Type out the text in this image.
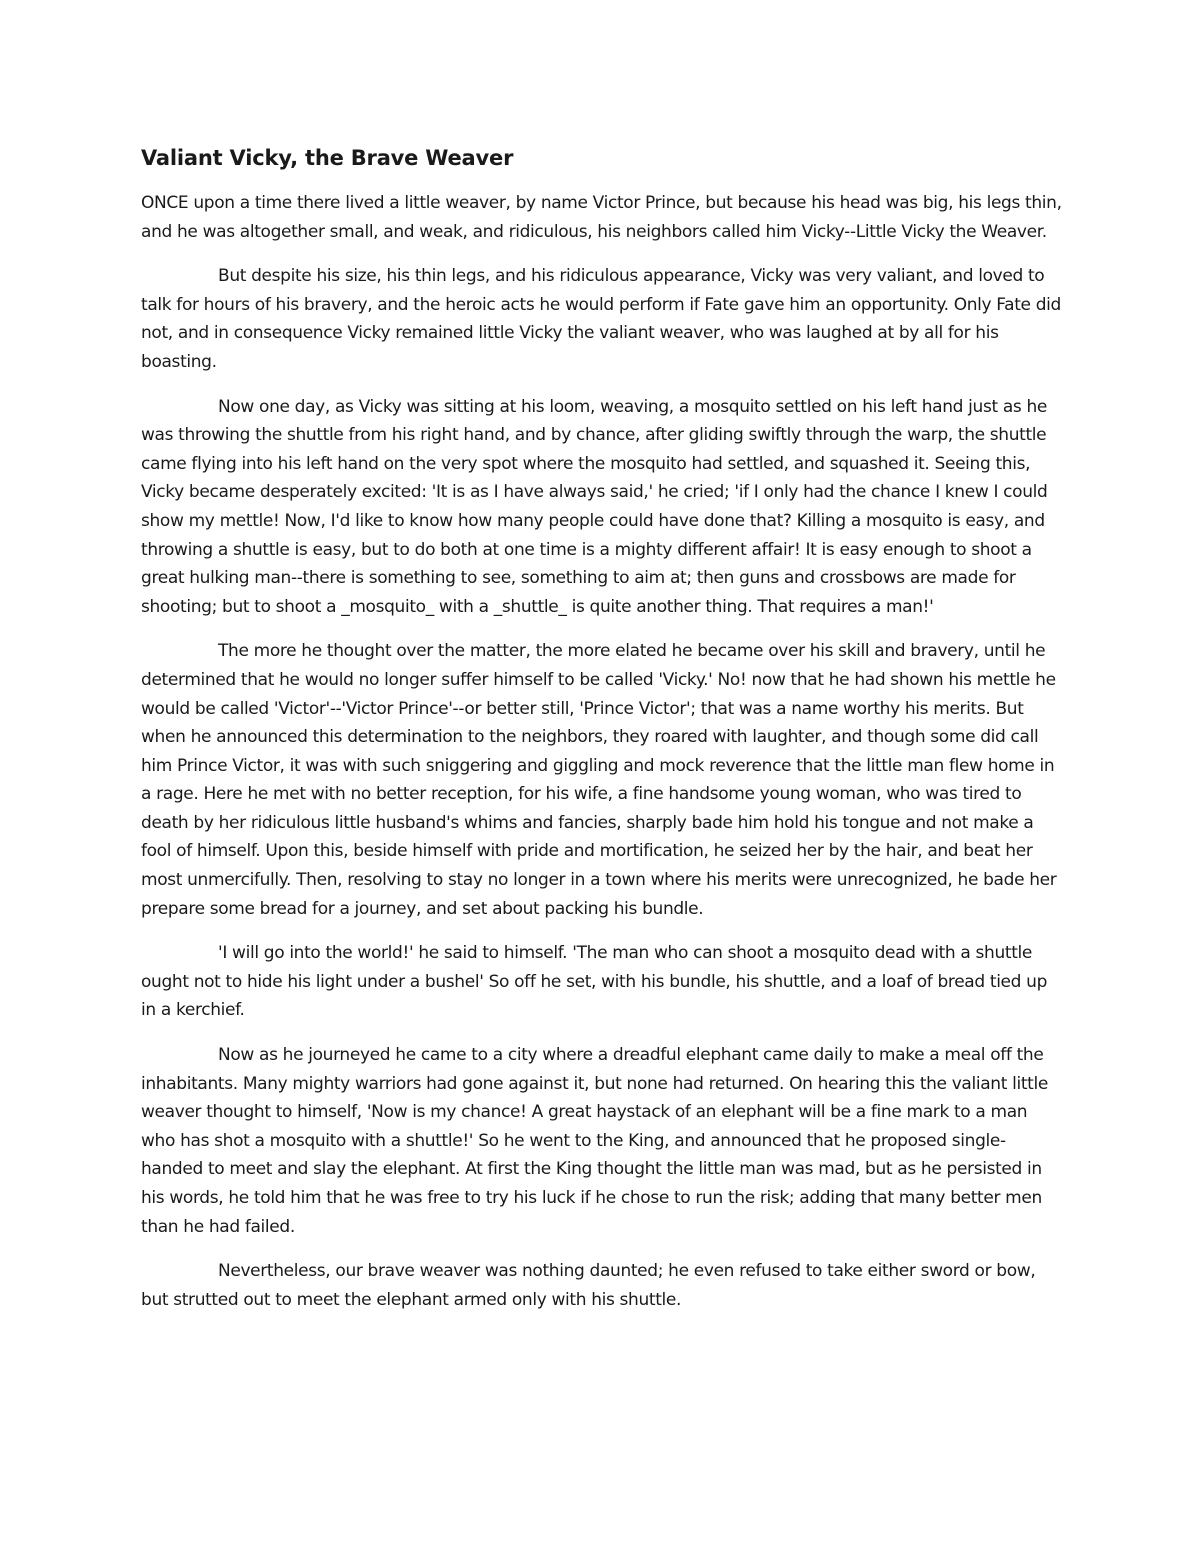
Valiant Vicky, the Brave Weaver

ONCE upon a time there lived a little weaver, by name Victor Prince, but because his head was big, his legs thin, and he was altogether small, and weak, and ridiculous, his neighbors called him Vicky--Little Vicky the Weaver.

But despite his size, his thin legs, and his ridiculous appearance, Vicky was very valiant, and loved to talk for hours of his bravery, and the heroic acts he would perform if Fate gave him an opportunity. Only Fate did not, and in consequence Vicky remained little Vicky the valiant weaver, who was laughed at by all for his boasting.

Now one day, as Vicky was sitting at his loom, weaving, a mosquito settled on his left hand just as he was throwing the shuttle from his right hand, and by chance, after gliding swiftly through the warp, the shuttle came flying into his left hand on the very spot where the mosquito had settled, and squashed it. Seeing this, Vicky became desperately excited: 'It is as I have always said,' he cried; 'if I only had the chance I knew I could show my mettle! Now, I'd like to know how many people could have done that? Killing a mosquito is easy, and throwing a shuttle is easy, but to do both at one time is a mighty different affair! It is easy enough to shoot a great hulking man--there is something to see, something to aim at; then guns and crossbows are made for shooting; but to shoot a _mosquito_ with a _shuttle_ is quite another thing. That requires a man!'

The more he thought over the matter, the more elated he became over his skill and bravery, until he determined that he would no longer suffer himself to be called 'Vicky.' No! now that he had shown his mettle he would be called 'Victor'--'Victor Prince'--or better still, 'Prince Victor'; that was a name worthy his merits. But when he announced this determination to the neighbors, they roared with laughter, and though some did call him Prince Victor, it was with such sniggering and giggling and mock reverence that the little man flew home in a rage. Here he met with no better reception, for his wife, a fine handsome young woman, who was tired to death by her ridiculous little husband's whims and fancies, sharply bade him hold his tongue and not make a fool of himself. Upon this, beside himself with pride and mortification, he seized her by the hair, and beat her most unmercifully. Then, resolving to stay no longer in a town where his merits were unrecognized, he bade her prepare some bread for a journey, and set about packing his bundle.

'I will go into the world!' he said to himself. 'The man who can shoot a mosquito dead with a shuttle ought not to hide his light under a bushel' So off he set, with his bundle, his shuttle, and a loaf of bread tied up in a kerchief.

Now as he journeyed he came to a city where a dreadful elephant came daily to make a meal off the inhabitants. Many mighty warriors had gone against it, but none had returned. On hearing this the valiant little weaver thought to himself, 'Now is my chance! A great haystack of an elephant will be a fine mark to a man who has shot a mosquito with a shuttle!' So he went to the King, and announced that he proposed single-handed to meet and slay the elephant. At first the King thought the little man was mad, but as he persisted in his words, he told him that he was free to try his luck if he chose to run the risk; adding that many better men than he had failed.

Nevertheless, our brave weaver was nothing daunted; he even refused to take either sword or bow, but strutted out to meet the elephant armed only with his shuttle.
